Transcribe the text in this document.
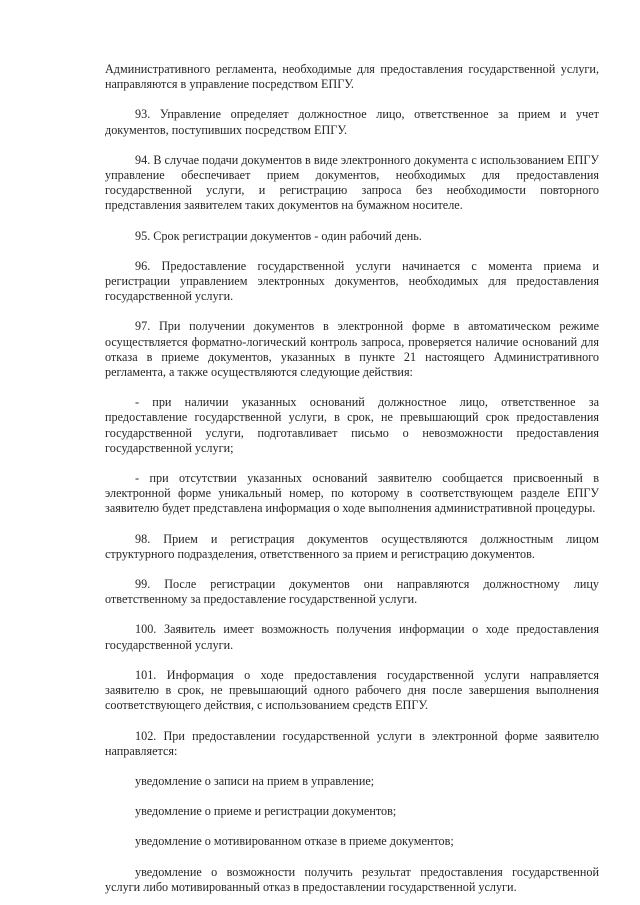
Административного регламента, необходимые для предоставления государственной услуги, направляются в управление посредством ЕПГУ.

93. Управление определяет должностное лицо, ответственное за прием и учет документов, поступивших посредством ЕПГУ.

94. В случае подачи документов в виде электронного документа с использованием ЕПГУ управление обеспечивает прием документов, необходимых для предоставления государственной услуги, и регистрацию запроса без необходимости повторного представления заявителем таких документов на бумажном носителе.

95. Срок регистрации документов - один рабочий день.

96. Предоставление государственной услуги начинается с момента приема и регистрации управлением электронных документов, необходимых для предоставления государственной услуги.

97. При получении документов в электронной форме в автоматическом режиме осуществляется форматно-логический контроль запроса, проверяется наличие оснований для отказа в приеме документов, указанных в пункте 21 настоящего Административного регламента, а также осуществляются следующие действия:

- при наличии указанных оснований должностное лицо, ответственное за предоставление государственной услуги, в срок, не превышающий срок предоставления государственной услуги, подготавливает письмо о невозможности предоставления государственной услуги;

- при отсутствии указанных оснований заявителю сообщается присвоенный в электронной форме уникальный номер, по которому в соответствующем разделе ЕПГУ заявителю будет представлена информация о ходе выполнения административной процедуры.

98. Прием и регистрация документов осуществляются должностным лицом структурного подразделения, ответственного за прием и регистрацию документов.

99. После регистрации документов они направляются должностному лицу ответственному за предоставление государственной услуги.

100. Заявитель имеет возможность получения информации о ходе предоставления государственной услуги.

101. Информация о ходе предоставления государственной услуги направляется заявителю в срок, не превышающий одного рабочего дня после завершения выполнения соответствующего действия, с использованием средств ЕПГУ.

102. При предоставлении государственной услуги в электронной форме заявителю направляется:

уведомление о записи на прием в управление;

уведомление о приеме и регистрации документов;

уведомление о мотивированном отказе в приеме документов;

уведомление о возможности получить результат предоставления государственной услуги либо мотивированный отказ в предоставлении государственной услуги.
